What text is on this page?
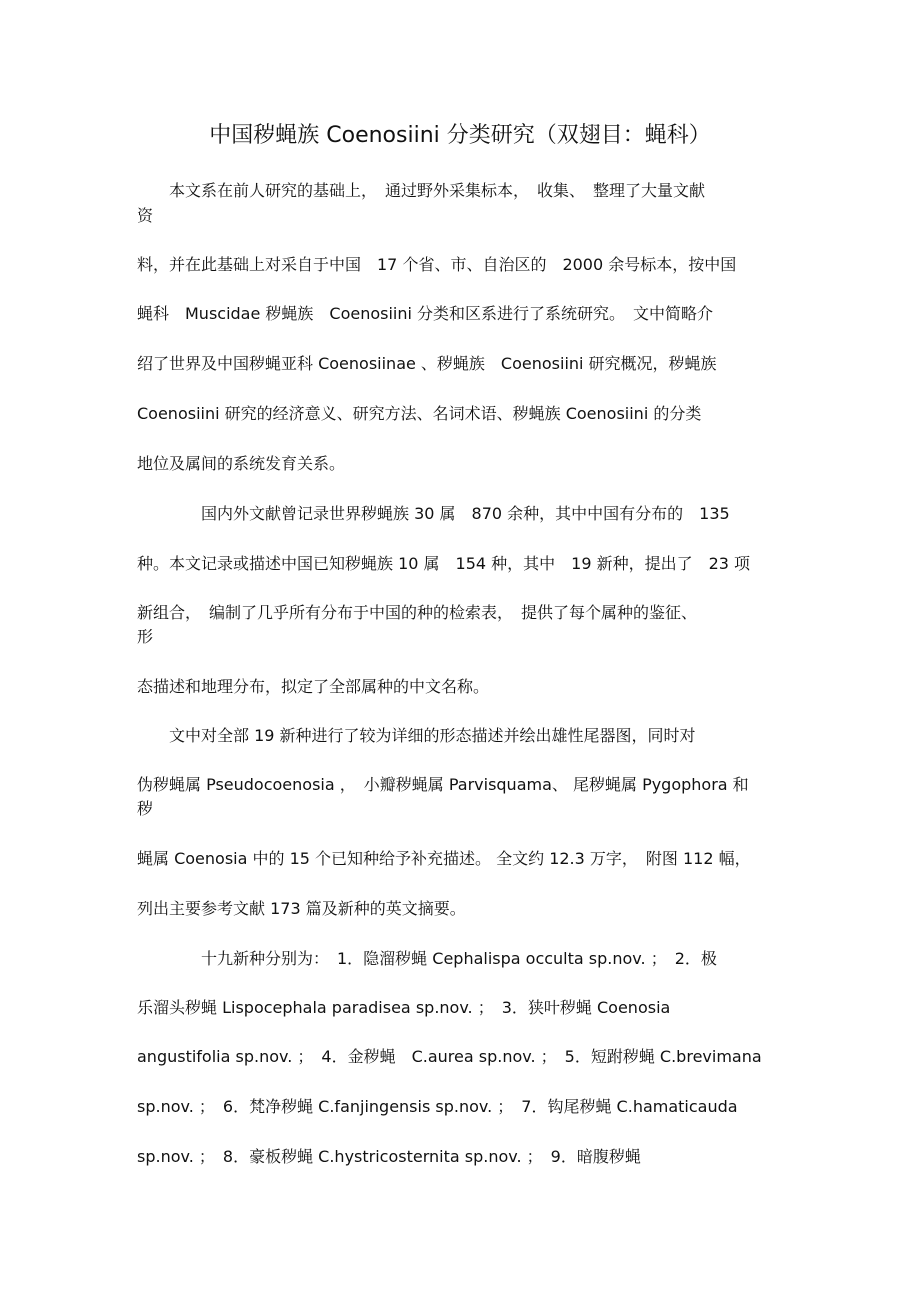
中国秽蝇族 Coenosiini 分类研究（双翅目：蝇科）
　　本文系在前人研究的基础上，　通过野外采集标本，　收集、　整理了大量文献
资
料，并在此基础上对采自于中国　17 个省、市、自治区的　2000 余号标本，按中国
蝇科　Muscidae 秽蝇族　Coenosiini 分类和区系进行了系统研究。　文中简略介
绍了世界及中国秽蝇亚科 Coenosiinae 、秽蝇族　Coenosiini 研究概况，秽蝇族
Coenosiini 研究的经济意义、研究方法、名词术语、秽蝇族 Coenosiini 的分类
地位及属间的系统发育关系。
　　　　国内外文献曾记录世界秽蝇族 30 属　870 余种，其中中国有分布的　135
种。本文记录或描述中国已知秽蝇族 10 属　154 种，其中　19 新种，提出了　23 项
新组合，　编制了几乎所有分布于中国的种的检索表，　提供了每个属种的鉴征、
形
态描述和地理分布，拟定了全部属种的中文名称。
　　文中对全部 19 新种进行了较为详细的形态描述并绘出雄性尾器图，同时对
伪秽蝇属 Pseudocoenosia ，　小瓣秽蝇属 Parvisquama、 尾秽蝇属 Pygophora 和
秽
蝇属 Coenosia 中的 15 个已知种给予补充描述。 全文约 12.3 万字，　附图 112 幅，
列出主要参考文献 173 篇及新种的英文摘要。
　　　　十九新种分别为：　1．隐溜秽蝇 Cephalispa occulta sp.nov. ；　2．极
乐溜头秽蝇 Lispocephala paradisea sp.nov. ；　3．狭叶秽蝇 Coenosia
angustifolia sp.nov. ；　4．金秽蝇　C.aurea sp.nov. ；　5．短跗秽蝇 C.brevimana
sp.nov. ；　6．梵净秽蝇 C.fanjingensis sp.nov. ；　7．钩尾秽蝇 C.hamaticauda
sp.nov. ；　8．豪板秽蝇 C.hystricosternita sp.nov. ；　9．暗腹秽蝇
